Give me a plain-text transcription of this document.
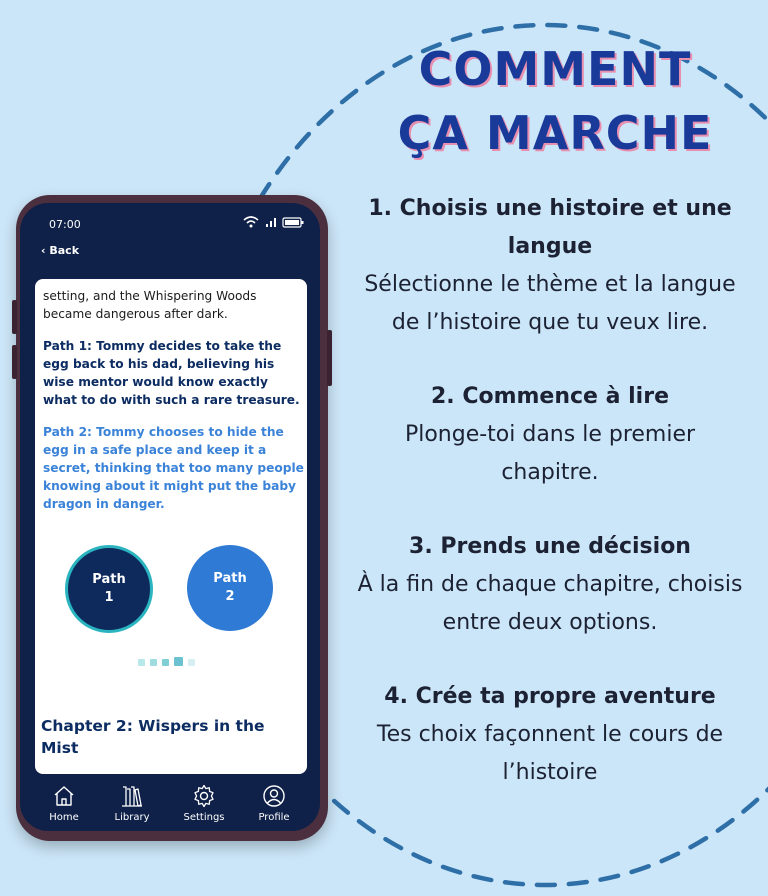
COMMENT
ÇA MARCHE
1. Choisis une histoire et une langue
Sélectionne le thème et la langue de l’histoire que tu veux lire.
2. Commence à lire
Plonge-toi dans le premier chapitre.
3. Prends une décision
À la fin de chaque chapitre, choisis entre deux options.
4. Crée ta propre aventure
Tes choix façonnent le cours de l’histoire
07:00
‹ Back

setting, and the Whispering Woods became dangerous after dark.

Path 1: Tommy decides to take the egg back to his dad, believing his wise mentor would know exactly what to do with such a rare treasure.

Path 2: Tommy chooses to hide the egg in a safe place and keep it a secret, thinking that too many people knowing about it might put the baby dragon in danger.

Path
1
Path
2
Chapter 2: Wispers in the Mist
Home	Library	Settings	Profile
